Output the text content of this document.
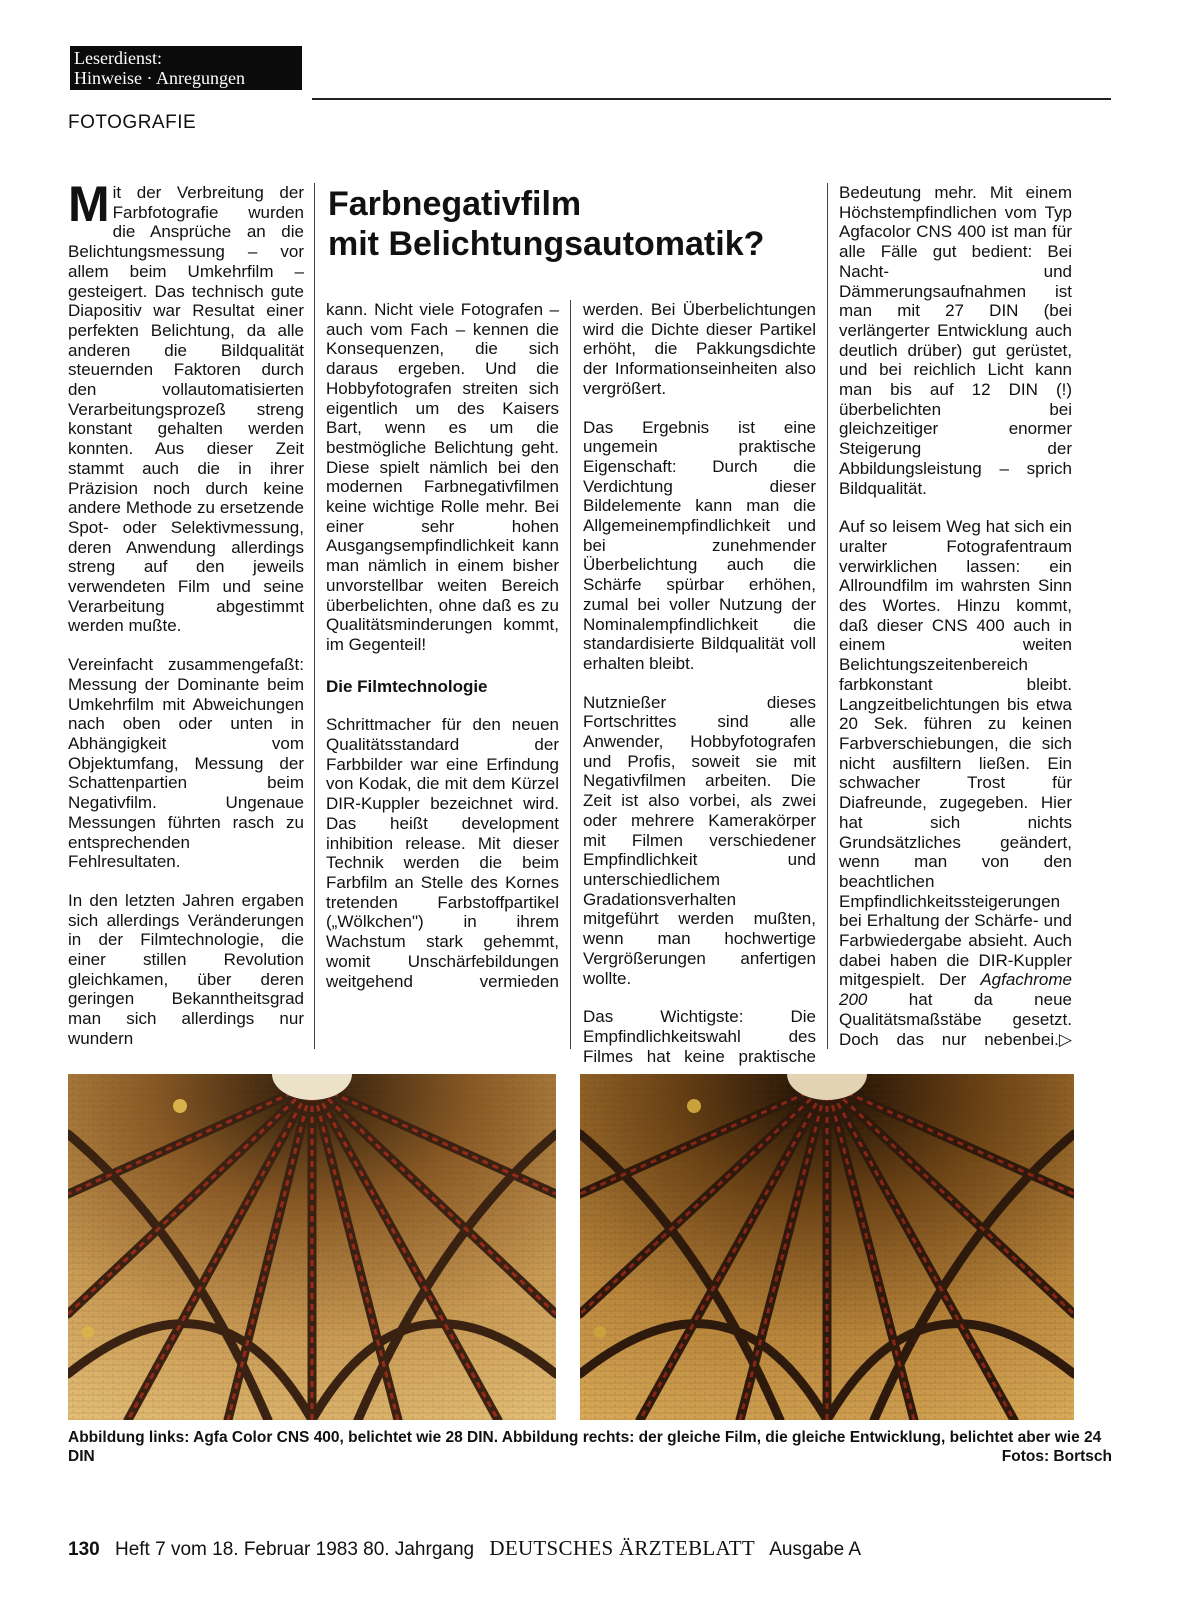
Leserdienst:
Hinweise · Anregungen
FOTOGRAFIE

Mit der Verbreitung der Farbfotografie wurden die Ansprüche an die Belichtungsmessung – vor allem beim Umkehrfilm – gesteigert. Das technisch gute Diapositiv war Resultat einer perfekten Belichtung, da alle anderen die Bildqualität steuernden Faktoren durch den vollautomatisierten Verarbeitungsprozeß streng konstant gehalten werden konnten. Aus dieser Zeit stammt auch die in ihrer Präzision noch durch keine andere Methode zu ersetzende Spot- oder Selektivmessung, deren Anwendung allerdings streng auf den jeweils verwendeten Film und seine Verarbeitung abgestimmt werden mußte.

Vereinfacht zusammengefaßt: Messung der Dominante beim Umkehrfilm mit Abweichungen nach oben oder unten in Abhängigkeit vom Objektumfang, Messung der Schattenpartien beim Negativfilm. Ungenaue Messungen führten rasch zu entsprechenden Fehlresultaten.

In den letzten Jahren ergaben sich allerdings Veränderungen in der Filmtechnologie, die einer stillen Revolution gleichkamen, über deren geringen Bekanntheitsgrad man sich allerdings nur wundern

Farbnegativfilm
mit Belichtungsautomatik?

kann. Nicht viele Fotografen – auch vom Fach – kennen die Konsequenzen, die sich daraus ergeben. Und die Hobbyfotografen streiten sich eigentlich um des Kaisers Bart, wenn es um die bestmögliche Belichtung geht. Diese spielt nämlich bei den modernen Farbnegativfilmen keine wichtige Rolle mehr. Bei einer sehr hohen Ausgangsempfindlichkeit kann man nämlich in einem bisher unvorstellbar weiten Bereich überbelichten, ohne daß es zu Qualitätsminderungen kommt, im Gegenteil!

Die Filmtechnologie

Schrittmacher für den neuen Qualitätsstandard der Farbbilder war eine Erfindung von Kodak, die mit dem Kürzel DIR-Kuppler bezeichnet wird. Das heißt development inhibition release. Mit dieser Technik werden die beim Farbfilm an Stelle des Kornes tretenden Farbstoffpartikel („Wölkchen") in ihrem Wachstum stark gehemmt, womit Unschärfebildungen weitgehend vermieden

werden. Bei Überbelichtungen wird die Dichte dieser Partikel erhöht, die Pakkungsdichte der Informationseinheiten also vergrößert.

Das Ergebnis ist eine ungemein praktische Eigenschaft: Durch die Verdichtung dieser Bildelemente kann man die Allgemeinempfindlichkeit und bei zunehmender Überbelichtung auch die Schärfe spürbar erhöhen, zumal bei voller Nutzung der Nominalempfindlichkeit die standardisierte Bildqualität voll erhalten bleibt.

Nutznießer dieses Fortschrittes sind alle Anwender, Hobbyfotografen und Profis, soweit sie mit Negativfilmen arbeiten. Die Zeit ist also vorbei, als zwei oder mehrere Kamerakörper mit Filmen verschiedener Empfindlichkeit und unterschiedlichem Gradationsverhalten mitgeführt werden mußten, wenn man hochwertige Vergrößerungen anfertigen wollte.

Das Wichtigste: Die Empfindlichkeitswahl des Filmes hat keine praktische

Bedeutung mehr. Mit einem Höchstempfindlichen vom Typ Agfacolor CNS 400 ist man für alle Fälle gut bedient: Bei Nacht- und Dämmerungsaufnahmen ist man mit 27 DIN (bei verlängerter Entwicklung auch deutlich drüber) gut gerüstet, und bei reichlich Licht kann man bis auf 12 DIN (!) überbelichten bei gleichzeitiger enormer Steigerung der Abbildungsleistung – sprich Bildqualität.

Auf so leisem Weg hat sich ein uralter Fotografentraum verwirklichen lassen: ein Allroundfilm im wahrsten Sinn des Wortes. Hinzu kommt, daß dieser CNS 400 auch in einem weiten Belichtungszeitenbereich farbkonstant bleibt. Langzeitbelichtungen bis etwa 20 Sek. führen zu keinen Farbverschiebungen, die sich nicht ausfiltern ließen. Ein schwacher Trost für Diafreunde, zugegeben. Hier hat sich nichts Grundsätzliches geändert, wenn man von den beachtlichen Empfindlichkeitssteigerungen bei Erhaltung der Schärfe- und Farbwiedergabe absieht. Auch dabei haben die DIR-Kuppler mitgespielt. Der Agfachrome 200 hat da neue Qualitätsmaßstäbe gesetzt. Doch das nur nebenbei. ▷

Abbildung links: Agfa Color CNS 400, belichtet wie 28 DIN. Abbildung rechts: der gleiche Film, die gleiche Entwicklung, belichtet aber wie 24 DIN	Fotos: Bortsch
130 Heft 7 vom 18. Februar 1983 80. Jahrgang DEUTSCHES ÄRZTEBLATT Ausgabe A
